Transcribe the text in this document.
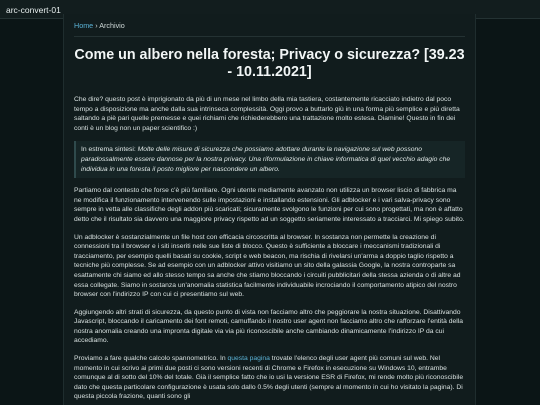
arc-convert-01
Home › Archivio
Come un albero nella foresta; Privacy o sicurezza? [39.23 - 10.11.2021]

Che dire? questo post è imprigionato da più di un mese nel limbo della mia tastiera, costantemente ricacciato indietro dal poco tempo a disposizione ma anche dalla sua intrinseca complessità. Oggi provo a buttarlo giù in una forma più semplice e più diretta saltando a piè pari quelle premesse e quei richiami che richiederebbero una trattazione molto estesa. Diamine! Questo in fin dei conti è un blog non un paper scientifico :)

In estrema sintesi: Molte delle misure di sicurezza che possiamo adottare durante la navigazione sul web possono paradossalmente essere dannose per la nostra privacy. Una riformulazione in chiave informatica di quel vecchio adagio che individua in una foresta il posto migliore per nascondere un albero.

Partiamo dal contesto che forse c'è più familiare. Ogni utente mediamente avanzato non utilizza un browser liscio di fabbrica ma ne modifica il funzionamento intervenendo sulle impostazioni e installando estensioni. Gli adblocker e i vari salva-privacy sono sempre in vetta alle classifiche degli addon più scaricati; sicuramente svolgono le funzioni per cui sono progettati, ma non è affatto detto che il risultato sia davvero una maggiore privacy rispetto ad un soggetto seriamente interessato a tracciarci. Mi spiego subito.

Un adblocker è sostanzialmente un file host con efficacia circoscritta al browser. In sostanza non permette la creazione di connessioni tra il browser e i siti inseriti nelle sue liste di blocco. Questo è sufficiente a bloccare i meccanismi tradizionali di tracciamento, per esempio quelli basati su cookie, script e web beacon, ma rischia di rivelarsi un'arma a doppio taglio rispetto a tecniche più complesse. Se ad esempio con un adblocker attivo visitiamo un sito della galassia Google, la nostra controparte sa esattamente chi siamo ed allo stesso tempo sa anche che stiamo bloccando i circuiti pubblicitari della stessa azienda o di altre ad essa collegate. Siamo in sostanza un'anomalia statistica facilmente individuabile incrociando il comportamento atipico del nostro browser con l'indirizzo IP con cui ci presentiamo sul web.

Aggiungendo altri strati di sicurezza, da questo punto di vista non facciamo altro che peggiorare la nostra situazione. Disattivando Javascript, bloccando il caricamento dei font remoti, camuffando il nostro user agent non facciamo altro che rafforzare l'entità della nostra anomalia creando una impronta digitale via via più riconoscibile anche cambiando dinamicamente l'indirizzo IP da cui accediamo.

Proviamo a fare qualche calcolo spannometrico. In questa pagina trovate l'elenco degli user agent più comuni sul web. Nel momento in cui scrivo ai primi due posti ci sono versioni recenti di Chrome e Firefox in esecuzione su Windows 10, entrambe comunque al di sotto del 10% del totale. Già il semplice fatto che io usi la versione ESR di Firefox, mi rende molto più riconoscibile dato che questa particolare configurazione è usata solo dallo 0.5% degli utenti (sempre al momento in cui ho visitato la pagina). Di questa piccola frazione, quanti sono gli
